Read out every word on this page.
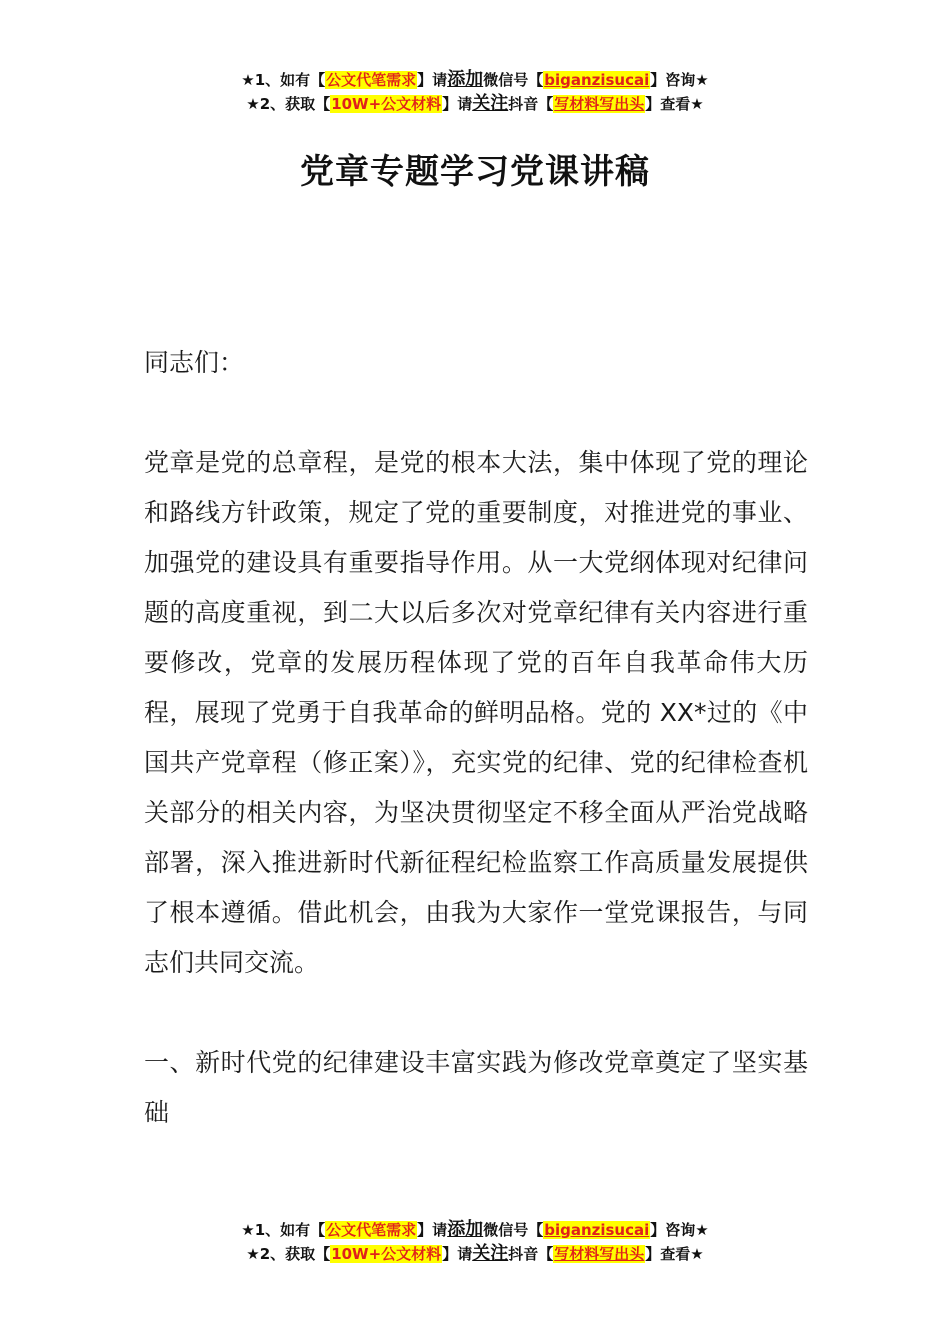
★1、如有【公文代笔需求】请添加微信号【biganzisucai】咨询★
★2、获取【10W+公文材料】请关注抖音【写材料写出头】查看★
党章专题学习党课讲稿

同志们：

党章是党的总章程，是党的根本大法，集中体现了党的理论和路线方针政策，规定了党的重要制度，对推进党的事业、加强党的建设具有重要指导作用。从一大党纲体现对纪律问题的高度重视，到二大以后多次对党章纪律有关内容进行重要修改，党章的发展历程体现了党的百年自我革命伟大历程，展现了党勇于自我革命的鲜明品格。党的 XX*过的《中国共产党章程（修正案）》，充实党的纪律、党的纪律检查机关部分的相关内容，为坚决贯彻坚定不移全面从严治党战略部署，深入推进新时代新征程纪检监察工作高质量发展提供了根本遵循。借此机会，由我为大家作一堂党课报告，与同志们共同交流。

一、新时代党的纪律建设丰富实践为修改党章奠定了坚实基础

★1、如有【公文代笔需求】请添加微信号【biganzisucai】咨询★
★2、获取【10W+公文材料】请关注抖音【写材料写出头】查看★
